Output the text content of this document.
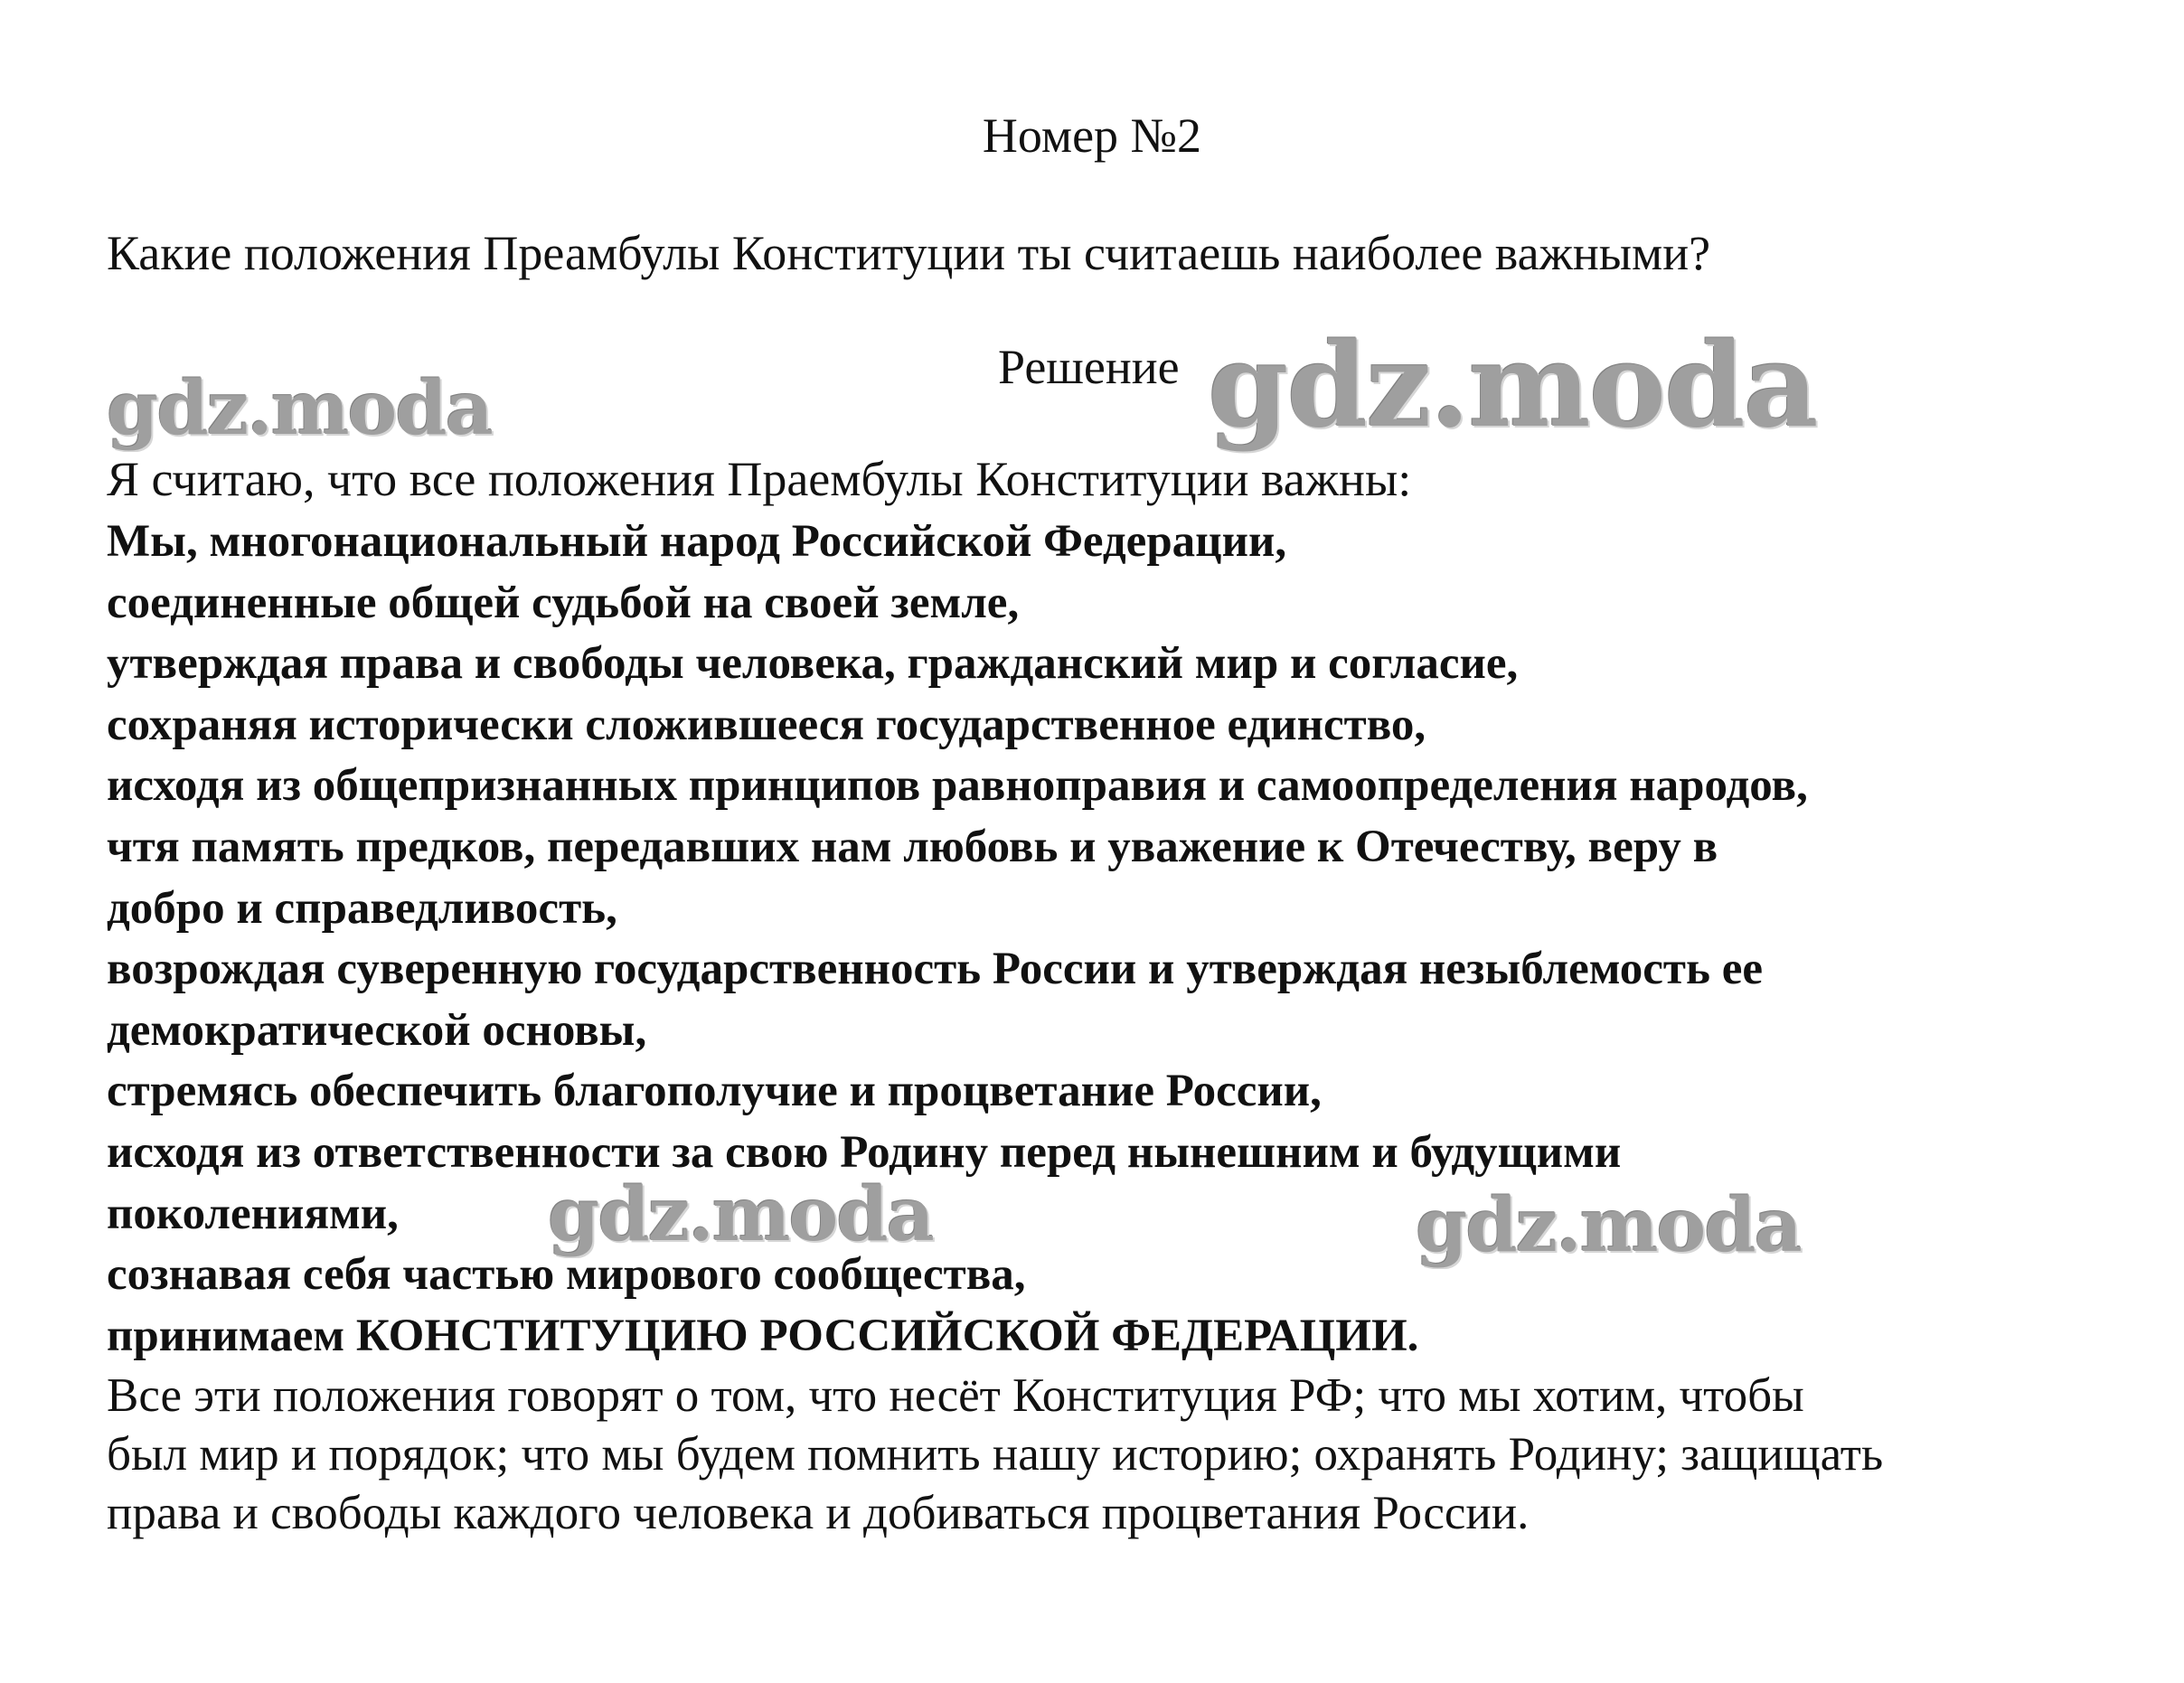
Номер №2
Какие положения Преамбулы Конституции ты считаешь наиболее важными?
Решение
Я считаю, что все положения Праембулы Конституции важны:
Мы, многонациональный народ Российской Федерации,
соединенные общей судьбой на своей земле,
утверждая права и свободы человека, гражданский мир и согласие,
сохраняя исторически сложившееся государственное единство,
исходя из общепризнанных принципов равноправия и самоопределения народов,
чтя память предков, передавших нам любовь и уважение к Отечеству, веру в
добро и справедливость,
возрождая суверенную государственность России и утверждая незыблемость ее
демократической основы,
стремясь обеспечить благополучие и процветание России,
исходя из ответственности за свою Родину перед нынешним и будущими
поколениями,
сознавая себя частью мирового сообщества,
принимаем КОНСТИТУЦИЮ РОССИЙСКОЙ ФЕДЕРАЦИИ.
Все эти положения говорят о том, что несёт Конституция РФ; что мы хотим, чтобы
был мир и порядок; что мы будем помнить нашу историю; охранять Родину; защищать
права и свободы каждого человека и добиваться процветания России.
gdz.moda	gdz.moda
gdz.moda	gdz.moda
